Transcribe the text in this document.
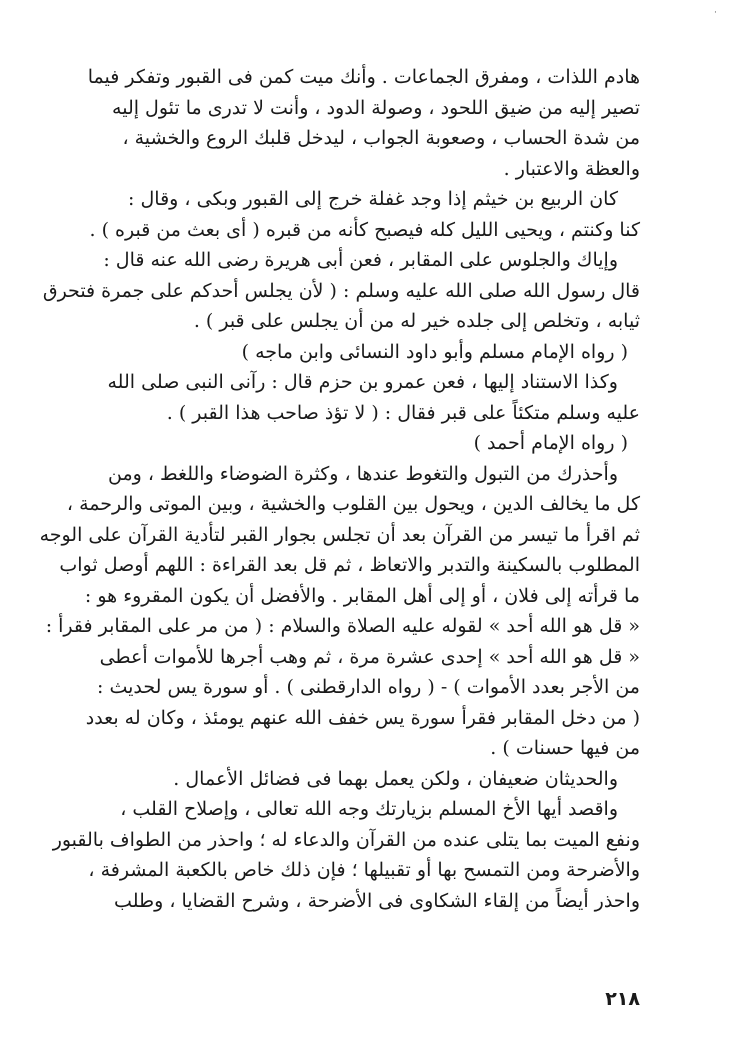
·
هادم اللذات ، ومفرق الجماعات . وأنك ميت كمن فى القبور وتفكر فيما
تصير إليه من ضيق اللحود ، وصولة الدود ، وأنت لا تدرى ما تئول إليه
من شدة الحساب ، وصعوبة الجواب ، ليدخل قلبك الروع والخشية ،
والعظة والاعتبار .
كان الربيع بن خيثم إذا وجد غفلة خرج إلى القبور وبكى ، وقال :
كنا وكنتم ، ويحيى الليل كله فيصبح كأنه من قبره ( أى بعث من قبره ) .
وإياك والجلوس على المقابر ، فعن أبى هريرة رضى الله عنه قال :
قال رسول الله صلى الله عليه وسلم : ( لأن يجلس أحدكم على جمرة فتحرق
ثيابه ، وتخلص إلى جلده خير له من أن يجلس على قبر ) .
( رواه الإمام مسلم وأبو داود النسائى وابن ماجه )
وكذا الاستناد إليها ، فعن عمرو بن حزم قال : رآنى النبى صلى الله
عليه وسلم متكئاً على قبر فقال : ( لا تؤذ صاحب هذا القبر ) .
( رواه الإمام أحمد )
وأحذرك من التبول والتغوط عندها ، وكثرة الضوضاء واللغط ، ومن
كل ما يخالف الدين ، ويحول بين القلوب والخشية ، وبين الموتى والرحمة ،
ثم اقرأ ما تيسر من القرآن بعد أن تجلس بجوار القبر لتأدية القرآن على الوجه
المطلوب بالسكينة والتدبر والاتعاظ ، ثم قل بعد القراءة : اللهم أوصل ثواب
ما قرأته إلى فلان ، أو إلى أهل المقابر . والأفضل أن يكون المقروء هو :
« قل هو الله أحد » لقوله عليه الصلاة والسلام : ( من مر على المقابر فقرأ :
« قل هو الله أحد » إحدى عشرة مرة ، ثم وهب أجرها للأموات أعطى
من الأجر بعدد الأموات ) - ( رواه الدارقطنى ) . أو سورة يس لحديث :
( من دخل المقابر فقرأ سورة يس خفف الله عنهم يومئذ ، وكان له بعدد
من فيها حسنات ) .
والحديثان ضعيفان ، ولكن يعمل بهما فى فضائل الأعمال .
واقصد أيها الأخ المسلم بزيارتك وجه الله تعالى ، وإصلاح القلب ،
ونفع الميت بما يتلى عنده من القرآن والدعاء له ؛ واحذر من الطواف بالقبور
والأضرحة ومن التمسح بها أو تقبيلها ؛ فإن ذلك خاص بالكعبة المشرفة ،
واحذر أيضاً من إلقاء الشكاوى فى الأضرحة ، وشرح القضايا ، وطلب
٢١٨
